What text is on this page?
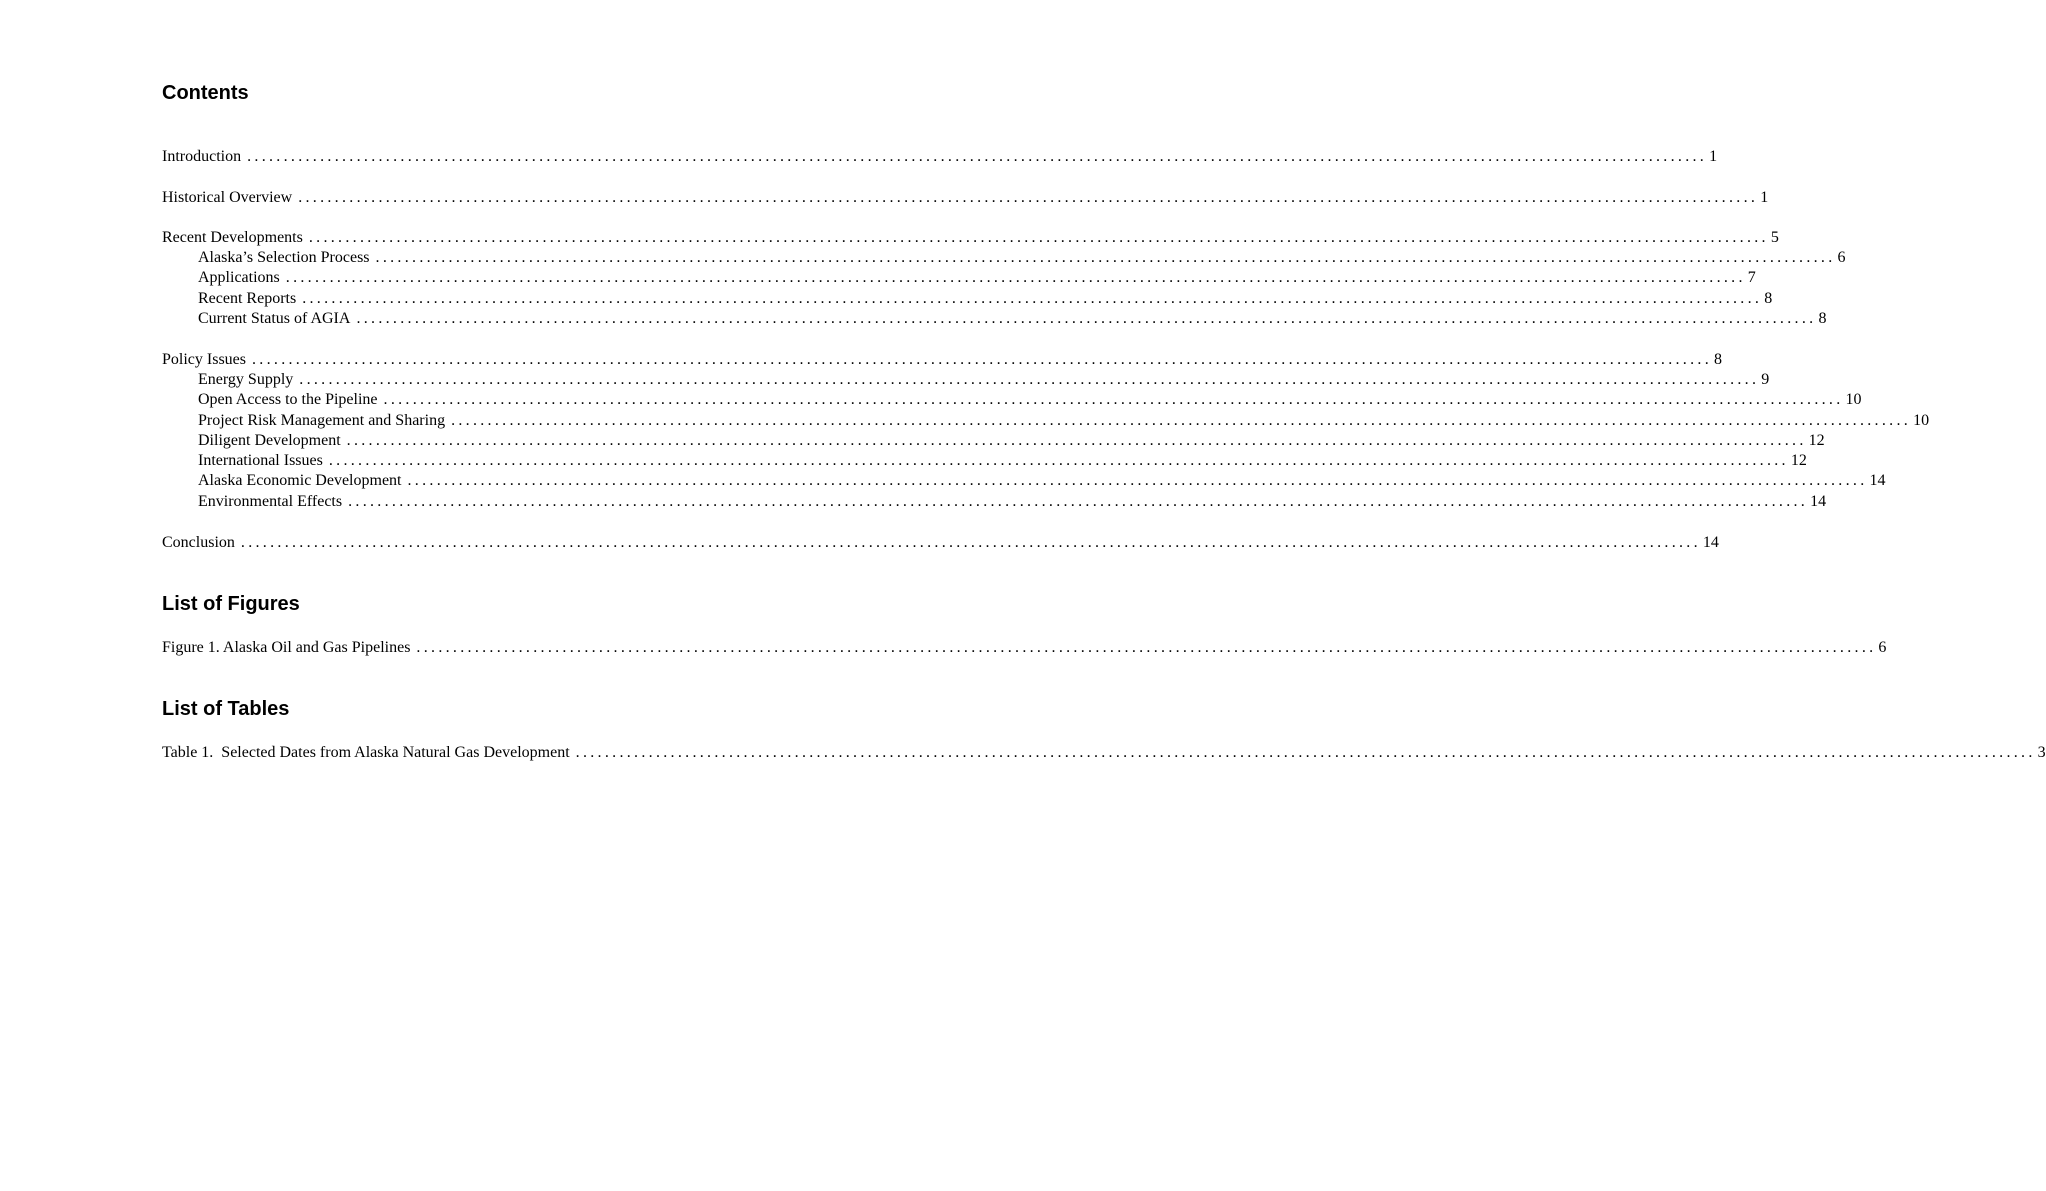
Contents
Introduction ........................................................................................................................................................................................................ 1
Historical Overview ........................................................................................................................................................................................................ 1
Recent Developments ........................................................................................................................................................................................................ 5
Alaska’s Selection Process ........................................................................................................................................................................................................ 6
Applications ........................................................................................................................................................................................................ 7
Recent Reports ........................................................................................................................................................................................................ 8
Current Status of AGIA ........................................................................................................................................................................................................ 8
Policy Issues ........................................................................................................................................................................................................ 8
Energy Supply ........................................................................................................................................................................................................ 9
Open Access to the Pipeline ........................................................................................................................................................................................................ 10
Project Risk Management and Sharing ........................................................................................................................................................................................................ 10
Diligent Development ........................................................................................................................................................................................................ 12
International Issues ........................................................................................................................................................................................................ 12
Alaska Economic Development ........................................................................................................................................................................................................ 14
Environmental Effects ........................................................................................................................................................................................................ 14
Conclusion ........................................................................................................................................................................................................ 14
List of Figures
Figure 1. Alaska Oil and Gas Pipelines ........................................................................................................................................................................................................ 6
List of Tables
Table 1.  Selected Dates from Alaska Natural Gas Development ........................................................................................................................................................................................................ 3
